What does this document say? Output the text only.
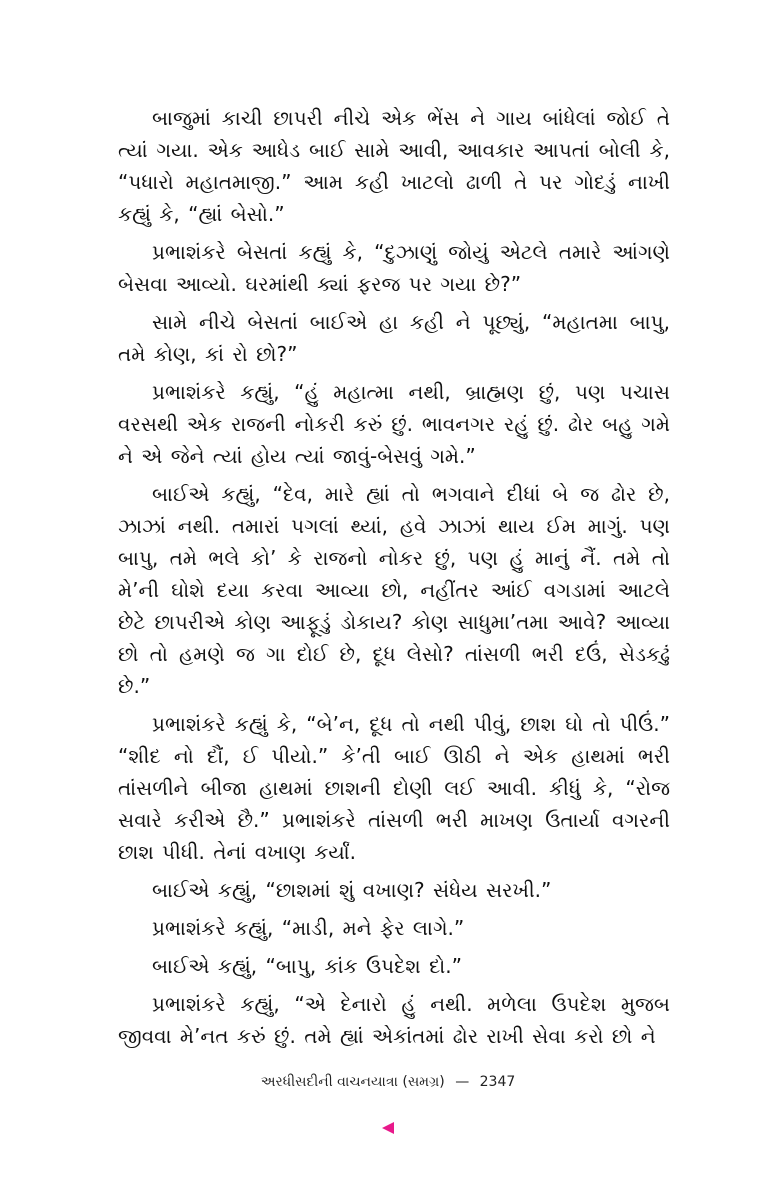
બાજુમાં કાચી છાપરી નીચે એક ભેંસ ને ગાય બાંધેલાં જોઈ તે ત્યાં ગયા. એક આધેડ બાઈ સામે આવી, આવકાર આપતાં બોલી કે, “પધારો મહાતમાજી.” આમ કહી ખાટલો ઢાળી તે પર ગોદડું નાખી કહ્યું કે, “હ્યાં બેસો.”

પ્રભાશંકરે બેસતાં કહ્યું કે, “દુઝાણું જોયું એટલે તમારે આંગણે બેસવા આવ્યો. ઘરમાંથી ક્યાં ફરજ પર ગયા છે?”

સામે નીચે બેસતાં બાઈએ હા કહી ને પૂછ્યું, “મહાતમા બાપુ, તમે કોણ, કાં રો છો?”

પ્રભાશંકરે કહ્યું, “હું મહાત્મા નથી, બ્રાહ્મણ છું, પણ પચાસ વરસથી એક રાજની નોકરી કરું છું. ભાવનગર રહું છું. ઢોર બહુ ગમે ને એ જેને ત્યાં હોય ત્યાં જાવું-બેસવું ગમે.”

બાઈએ કહ્યું, “દેવ, મારે હ્યાં તો ભગવાને દીધાં બે જ ઢોર છે, ઝાઝાં નથી. તમારાં પગલાં થ્યાં, હવે ઝાઝાં થાય ઈમ માગું. પણ બાપુ, તમે ભલે કો’ કે રાજનો નોકર છું, પણ હું માનું નૈં. તમે તો મે’ની ઘોશે દયા કરવા આવ્યા છો, નહીંતર આંઈ વગડામાં આટલે છેટે છાપરીએ કોણ આફૂડું ડોકાય? કોણ સાધુમા’તમા આવે? આવ્યા છો તો હમણે જ ગા દોઈ છે, દૂધ લેસો? તાંસળી ભરી દઉં, સેડકઢું છે.”

પ્રભાશંકરે કહ્યું કે, “બે’ન, દૂધ તો નથી પીવું, છાશ ઘો તો પીઉં.” “શીદ નો દૌં, ઈ પીયો.” કે’તી બાઈ ઊઠી ને એક હાથમાં ભરી તાંસળીને બીજા હાથમાં છાશની દોણી લઈ આવી. કીધું કે, “રોજ સવારે કરીએ છૈ.” પ્રભાશંકરે તાંસળી ભરી માખણ ઉતાર્યા વગરની છાશ પીધી. તેનાં વખાણ કર્યાં.

બાઈએ કહ્યું, “છાશમાં શું વખાણ? સંધેય સરખી.”

પ્રભાશંકરે કહ્યું, “માડી, મને ફેર લાગે.”

બાઈએ કહ્યું, “બાપુ, કાંક ઉપદેશ દો.”

પ્રભાશંકરે કહ્યું, “એ દેનારો હું નથી. મળેલા ઉપદેશ મુજબ જીવવા મે’નત કરું છું. તમે હ્યાં એકાંતમાં ઢોર રાખી સેવા કરો છો ને

અરધીસદીની વાચનયાત્રા (સમગ્ર) — 2347
